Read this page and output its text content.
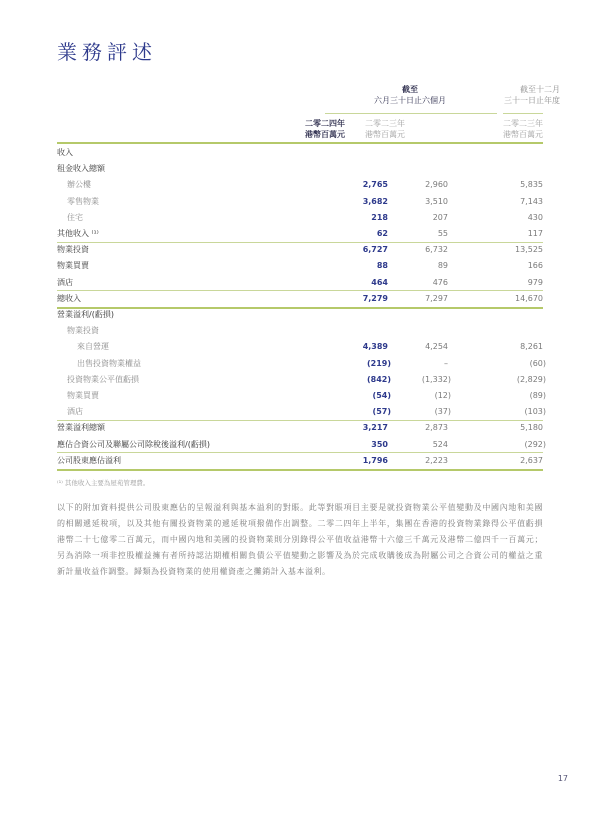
業務評述
截至
六月三十日止六個月
截至十二月
三十一日止年度
二零二四年
港幣百萬元
二零二三年
港幣百萬元
二零二三年
港幣百萬元
收入
租金收入總額
辦公樓	2,765	2,960	5,835
零售物業	3,682	3,510	7,143
住宅	218	207	430
其他收入 ⁽¹⁾	62	55	117
物業投資	6,727	6,732	13,525
物業買賣	88	89	166
酒店	464	476	979
總收入	7,279	7,297	14,670
營業溢利/(虧損)
物業投資
來自營運	4,389	4,254	8,261
出售投資物業權益	(219)	–	(60)
投資物業公平值虧損	(842)	(1,332)	(2,829)
物業買賣	(54)	(12)	(89)
酒店	(57)	(37)	(103)
營業溢利總額	3,217	2,873	5,180
應佔合資公司及聯屬公司除稅後溢利/(虧損)	350	524	(292)
公司股東應佔溢利	1,796	2,223	2,637
⁽¹⁾ 其他收入主要為屋苑管理費。
以下的附加資料提供公司股東應佔的呈報溢利與基本溢利的對賬。此等對賬項目主要是就投資物業公平值變動及中國內地和美國的相關遞延稅項，以及其他有關投資物業的遞延稅項撥備作出調整。二零二四年上半年，集團在香港的投資物業錄得公平值虧損港幣二十七億零二百萬元，而中國內地和美國的投資物業則分別錄得公平值收益港幣十六億三千萬元及港幣二億四千一百萬元；另為消除一項非控股權益擁有者所持認沽期權相關負債公平值變動之影響及為於完成收購後成為附屬公司之合資公司的權益之重新計量收益作調整。歸類為投資物業的使用權資產之攤銷計入基本溢利。
17
